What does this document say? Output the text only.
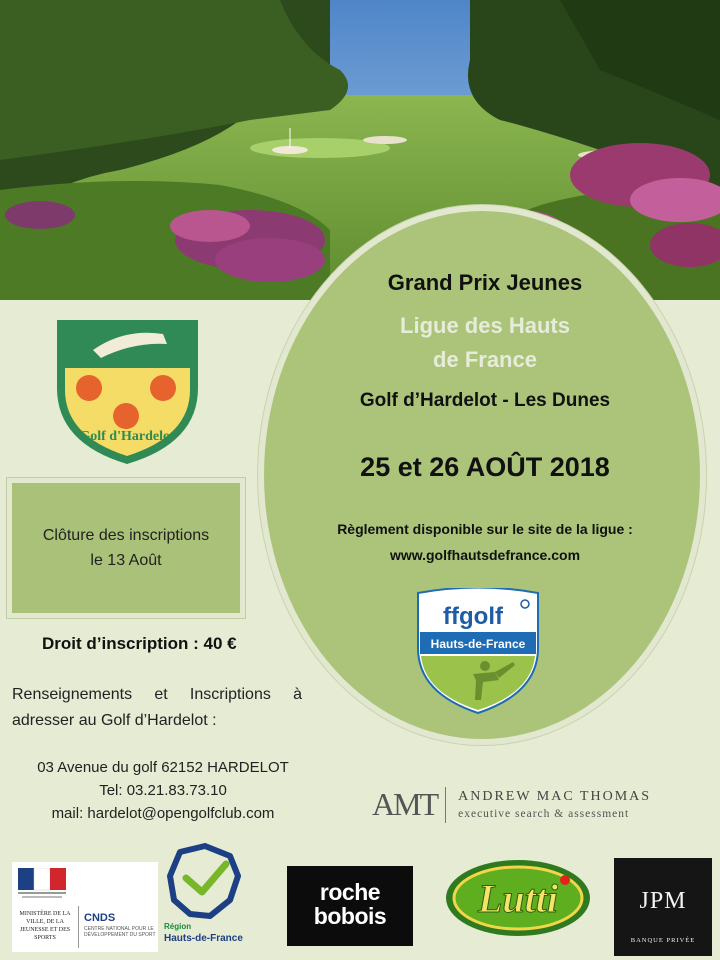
Grand Prix Jeunes
Ligue des Hauts
de France
Golf d’Hardelot - Les Dunes
25 et 26 AOÛT 2018
Règlement disponible sur le site de la ligue :
www.golfhautsdefrance.com
Golf d'Hardelot
Clôture des inscriptions
le 13 Août
Droit d’inscription : 40 €
Renseignements et Inscriptions à adresser au Golf d’Hardelot :
03 Avenue du golf 62152 HARDELOT
Tel: 03.21.83.73.10
mail: hardelot@opengolfclub.com
ffgolf
Hauts-de-France
AMT ANDREW MAC THOMAS
executive search & assessment
MINISTÈRE DE LA VILLE, DE LA JEUNESSE ET DES SPORTS
CNDS
CENTRE NATIONAL POUR LE DÉVELOPPEMENT DU SPORT
Région
Hauts-de-France
roche
bobois	Lutti	JPM
BANQUE PRIVÉE
